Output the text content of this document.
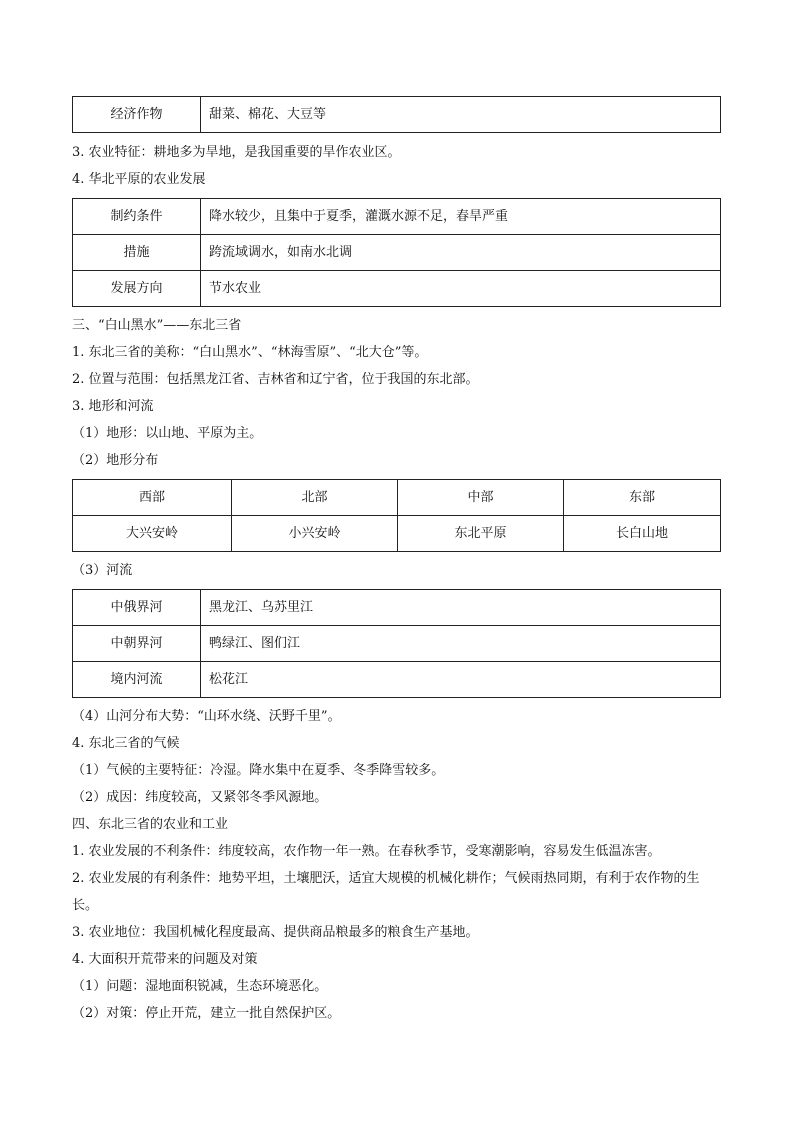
经济作物	甜菜、棉花、大豆等
3. 农业特征：耕地多为旱地，是我国重要的旱作农业区。
4. 华北平原的农业发展
制约条件	降水较少，且集中于夏季，灌溉水源不足，春旱严重
措施	跨流域调水，如南水北调
发展方向	节水农业
三、“白山黑水”——东北三省
1. 东北三省的美称：“白山黑水”、“林海雪原”、“北大仓”等。
2. 位置与范围：包括黑龙江省、吉林省和辽宁省，位于我国的东北部。
3. 地形和河流
（1）地形：以山地、平原为主。
（2）地形分布
西部	北部	中部	东部
大兴安岭	小兴安岭	东北平原	长白山地
（3）河流
中俄界河	黑龙江、乌苏里江
中朝界河	鸭绿江、图们江
境内河流	松花江
（4）山河分布大势：“山环水绕、沃野千里”。
4. 东北三省的气候
（1）气候的主要特征：冷湿。降水集中在夏季、冬季降雪较多。
（2）成因：纬度较高，又紧邻冬季风源地。
四、东北三省的农业和工业
1. 农业发展的不利条件：纬度较高，农作物一年一熟。在春秋季节，受寒潮影响，容易发生低温冻害。
2. 农业发展的有利条件：地势平坦，土壤肥沃，适宜大规模的机械化耕作；气候雨热同期，有利于农作物的生长。
3. 农业地位：我国机械化程度最高、提供商品粮最多的粮食生产基地。
4. 大面积开荒带来的问题及对策
（1）问题：湿地面积锐减，生态环境恶化。
（2）对策：停止开荒，建立一批自然保护区。
